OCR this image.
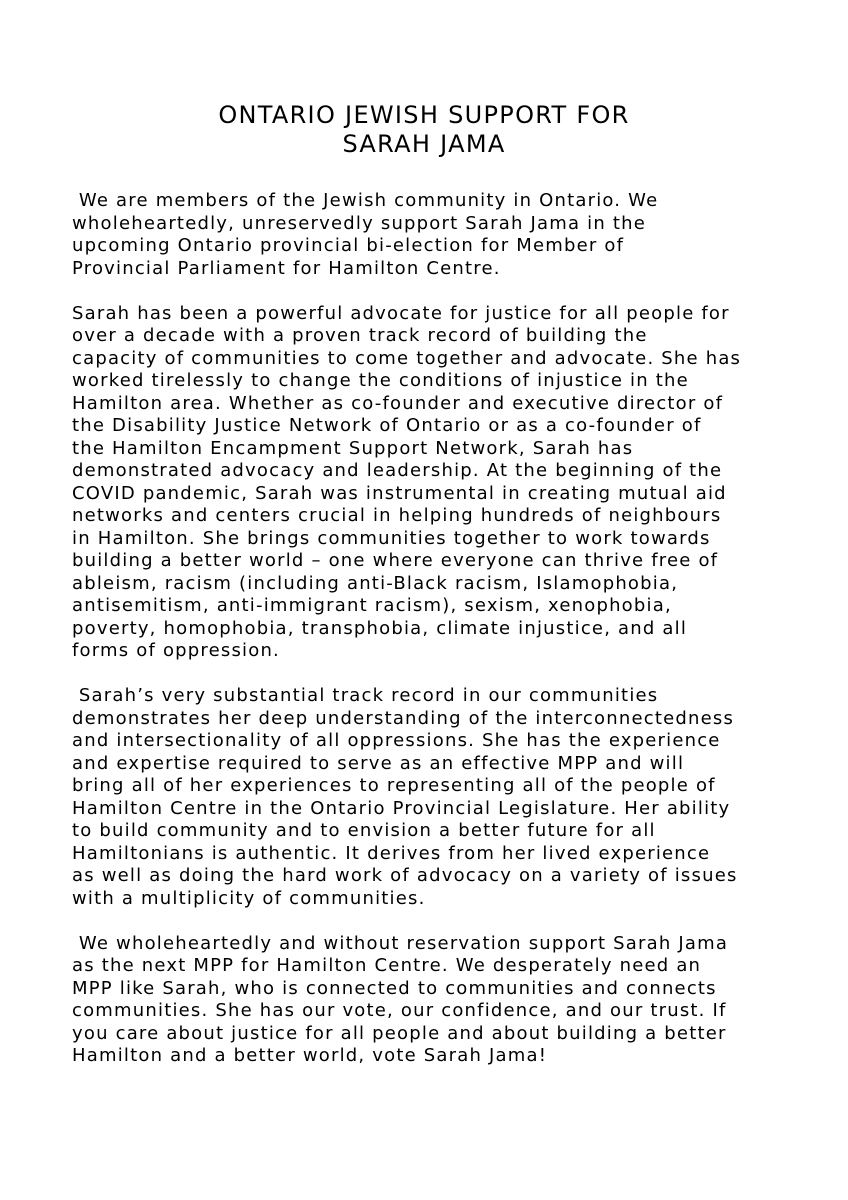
ONTARIO JEWISH SUPPORT FOR
SARAH JAMA
We are members of the Jewish community in Ontario. We
wholeheartedly, unreservedly support Sarah Jama in the
upcoming Ontario provincial bi-election for Member of
Provincial Parliament for Hamilton Centre.
Sarah has been a powerful advocate for justice for all people for
over a decade with a proven track record of building the
capacity of communities to come together and advocate. She has
worked tirelessly to change the conditions of injustice in the
Hamilton area. Whether as co-founder and executive director of
the Disability Justice Network of Ontario or as a co-founder of
the Hamilton Encampment Support Network, Sarah has
demonstrated advocacy and leadership. At the beginning of the
COVID pandemic, Sarah was instrumental in creating mutual aid
networks and centers crucial in helping hundreds of neighbours
in Hamilton. She brings communities together to work towards
building a better world – one where everyone can thrive free of
ableism, racism (including anti-Black racism, Islamophobia,
antisemitism, anti-immigrant racism), sexism, xenophobia,
poverty, homophobia, transphobia, climate injustice, and all
forms of oppression.
Sarah’s very substantial track record in our communities
demonstrates her deep understanding of the interconnectedness
and intersectionality of all oppressions. She has the experience
and expertise required to serve as an effective MPP and will
bring all of her experiences to representing all of the people of
Hamilton Centre in the Ontario Provincial Legislature. Her ability
to build community and to envision a better future for all
Hamiltonians is authentic. It derives from her lived experience
as well as doing the hard work of advocacy on a variety of issues
with a multiplicity of communities.
We wholeheartedly and without reservation support Sarah Jama
as the next MPP for Hamilton Centre. We desperately need an
MPP like Sarah, who is connected to communities and connects
communities. She has our vote, our confidence, and our trust. If
you care about justice for all people and about building a better
Hamilton and a better world, vote Sarah Jama!
